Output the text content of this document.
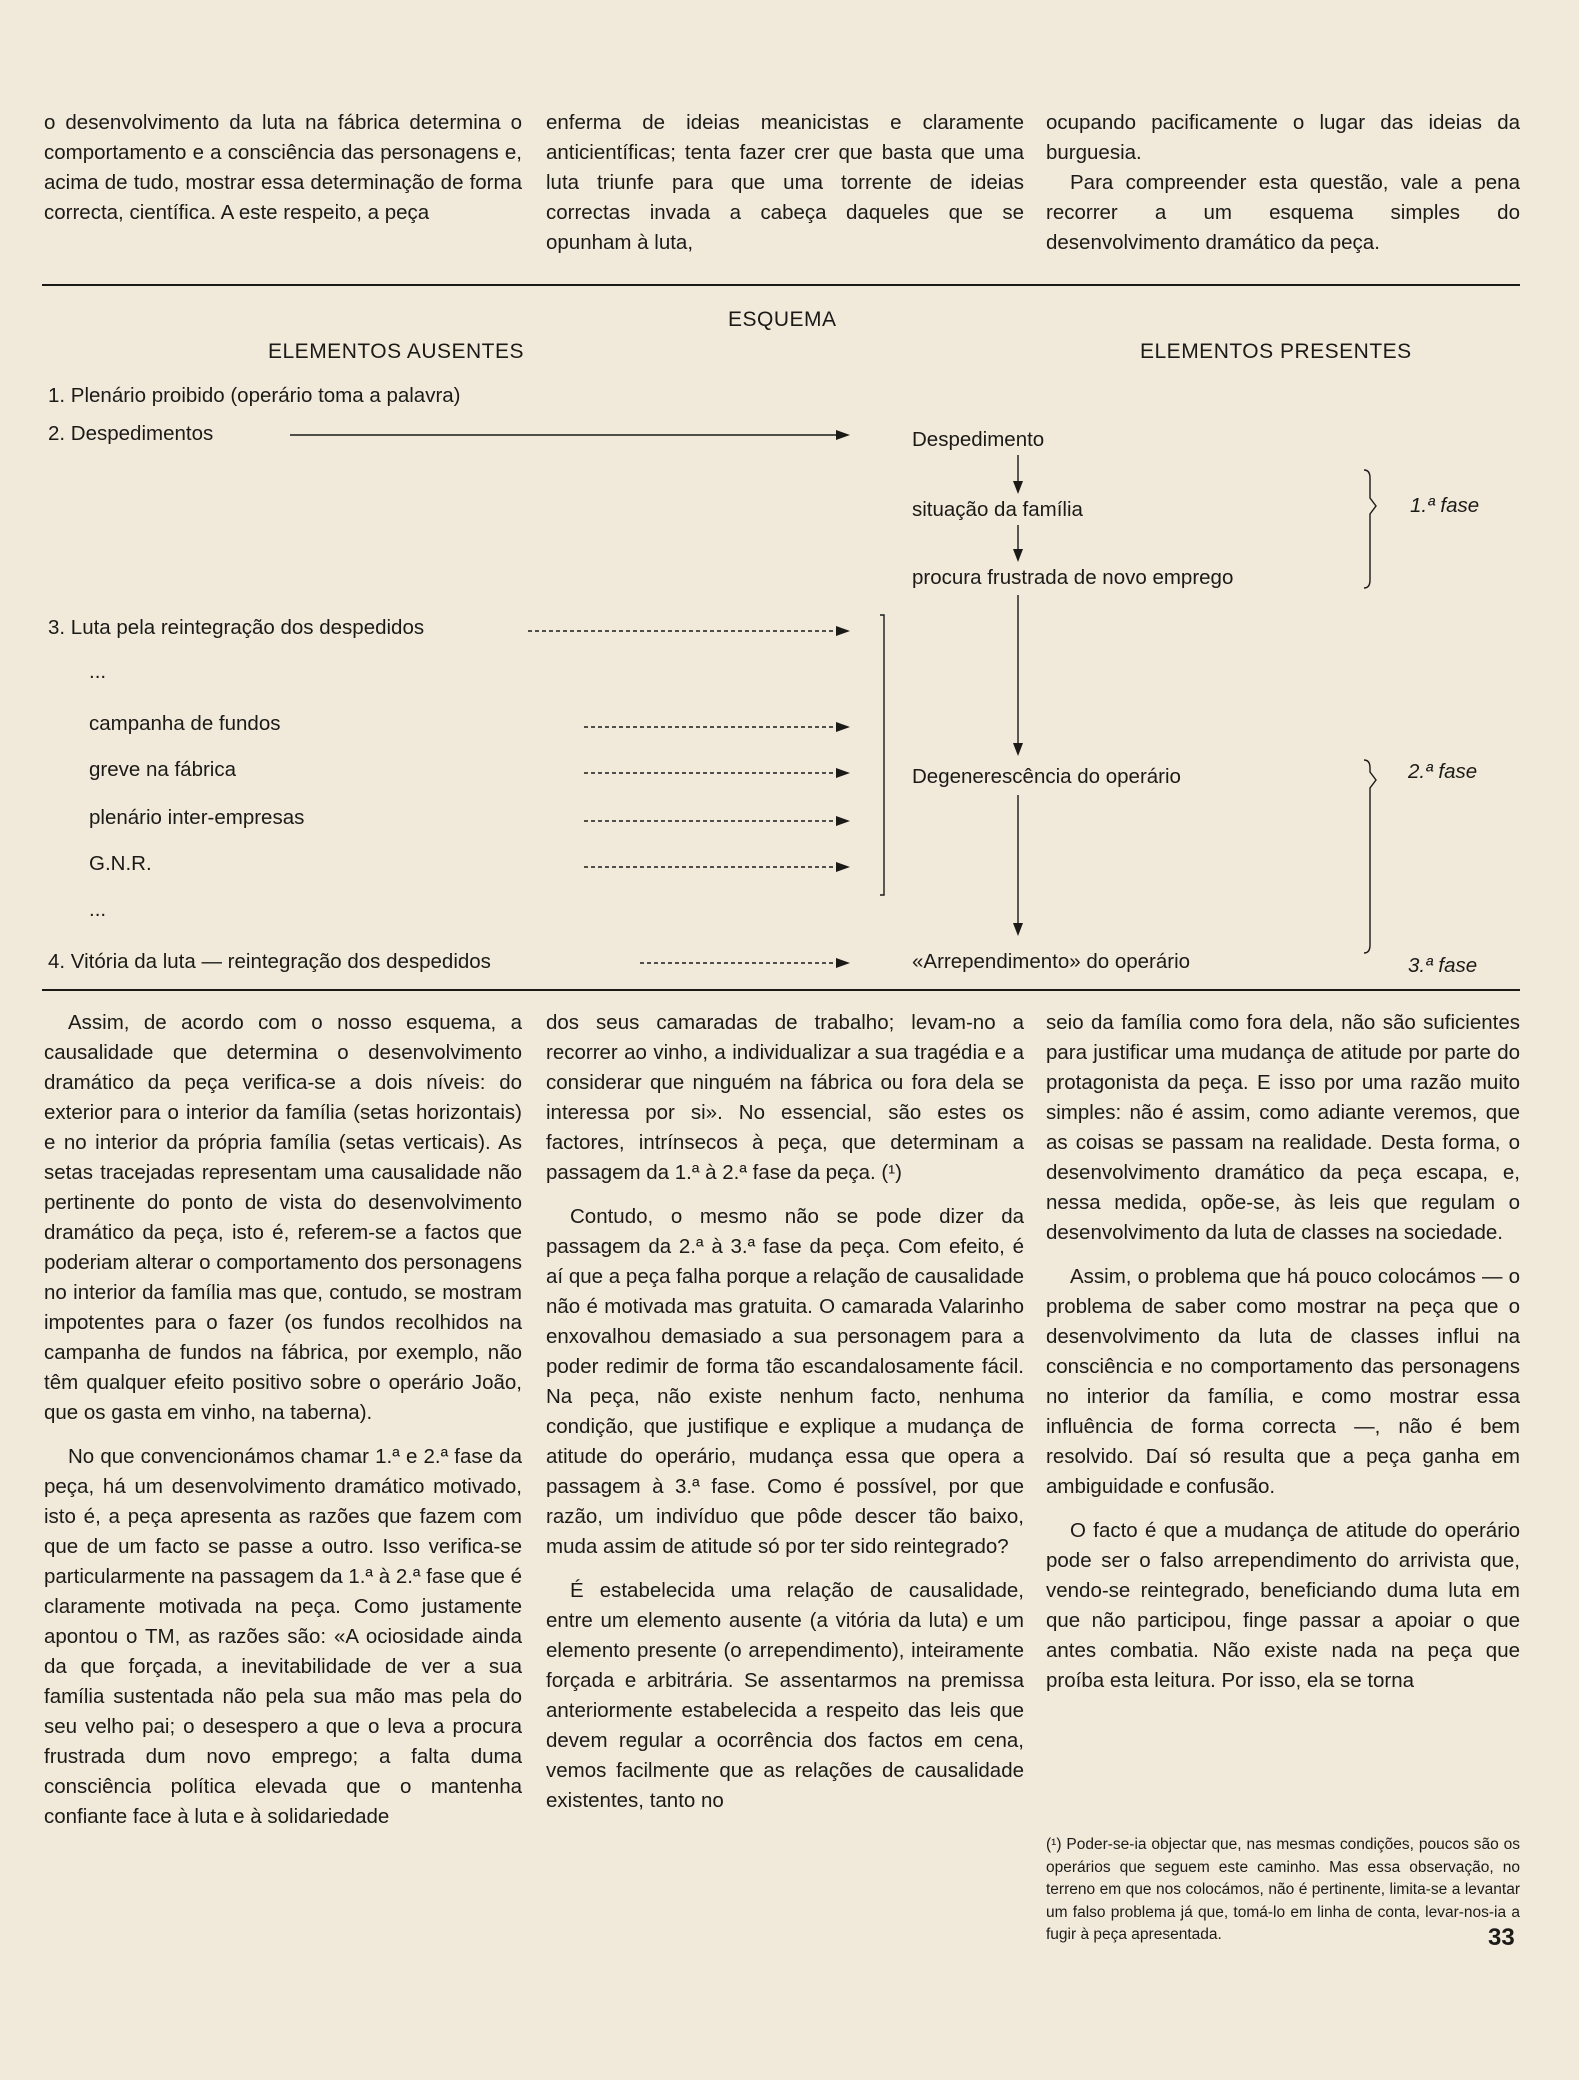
o desenvolvimento da luta na fábrica determina o comportamento e a consciência das personagens e, acima de tudo, mostrar essa determinação de forma correcta, científica. A este respeito, a peça

enferma de ideias meanicistas e claramente anticientíficas; tenta fazer crer que basta que uma luta triunfe para que uma torrente de ideias correctas invada a cabeça daqueles que se opunham à luta,

ocupando pacificamente o lugar das ideias da burguesia.

Para compreender esta questão, vale a pena recorrer a um esquema simples do desenvolvimento dramático da peça.

ESQUEMA
ELEMENTOS AUSENTES	ELEMENTOS PRESENTES
1. Plenário proibido (operário toma a palavra)
2. Despedimentos
3. Luta pela reintegração dos despedidos
...
campanha de fundos
greve na fábrica
plenário inter-empresas
G.N.R.
...
4. Vitória da luta — reintegração dos despedidos
Despedimento
situação da família
procura frustrada de novo emprego
Degenerescência do operário
«Arrependimento» do operário
1.ª fase
2.ª fase
3.ª fase

Assim, de acordo com o nosso esquema, a causalidade que determina o desenvolvimento dramático da peça verifica-se a dois níveis: do exterior para o interior da família (setas horizontais) e no interior da própria família (setas verticais). As setas tracejadas representam uma causalidade não pertinente do ponto de vista do desenvolvimento dramático da peça, isto é, referem-se a factos que poderiam alterar o comportamento dos personagens no interior da família mas que, contudo, se mostram impotentes para o fazer (os fundos recolhidos na campanha de fundos na fábrica, por exemplo, não têm qualquer efeito positivo sobre o operário João, que os gasta em vinho, na taberna).

No que convencionámos chamar 1.ª e 2.ª fase da peça, há um desenvolvimento dramático motivado, isto é, a peça apresenta as razões que fazem com que de um facto se passe a outro. Isso verifica-se particularmente na passagem da 1.ª à 2.ª fase que é claramente motivada na peça. Como justamente apontou o TM, as razões são: «A ociosidade ainda da que forçada, a inevitabilidade de ver a sua família sustentada não pela sua mão mas pela do seu velho pai; o desespero a que o leva a procura frustrada dum novo emprego; a falta duma consciência política elevada que o mantenha confiante face à luta e à solidariedade

dos seus camaradas de trabalho; levam-no a recorrer ao vinho, a individualizar a sua tragédia e a considerar que ninguém na fábrica ou fora dela se interessa por si». No essencial, são estes os factores, intrínsecos à peça, que determinam a passagem da 1.ª à 2.ª fase da peça. (¹)

Contudo, o mesmo não se pode dizer da passagem da 2.ª à 3.ª fase da peça. Com efeito, é aí que a peça falha porque a relação de causalidade não é motivada mas gratuita. O camarada Valarinho enxovalhou demasiado a sua personagem para a poder redimir de forma tão escandalosamente fácil. Na peça, não existe nenhum facto, nenhuma condição, que justifique e explique a mudança de atitude do operário, mudança essa que opera a passagem à 3.ª fase. Como é possível, por que razão, um indivíduo que pôde descer tão baixo, muda assim de atitude só por ter sido reintegrado?

É estabelecida uma relação de causalidade, entre um elemento ausente (a vitória da luta) e um elemento presente (o arrependimento), inteiramente forçada e arbitrária. Se assentarmos na premissa anteriormente estabelecida a respeito das leis que devem regular a ocorrência dos factos em cena, vemos facilmente que as relações de causalidade existentes, tanto no

seio da família como fora dela, não são suficientes para justificar uma mudança de atitude por parte do protagonista da peça. E isso por uma razão muito simples: não é assim, como adiante veremos, que as coisas se passam na realidade. Desta forma, o desenvolvimento dramático da peça escapa, e, nessa medida, opõe-se, às leis que regulam o desenvolvimento da luta de classes na sociedade.

Assim, o problema que há pouco colocámos — o problema de saber como mostrar na peça que o desenvolvimento da luta de classes influi na consciência e no comportamento das personagens no interior da família, e como mostrar essa influência de forma correcta —, não é bem resolvido. Daí só resulta que a peça ganha em ambiguidade e confusão.

O facto é que a mudança de atitude do operário pode ser o falso arrependimento do arrivista que, vendo-se reintegrado, beneficiando duma luta em que não participou, finge passar a apoiar o que antes combatia. Não existe nada na peça que proíba esta leitura. Por isso, ela se torna

(¹) Poder-se-ia objectar que, nas mesmas condições, poucos são os operários que seguem este caminho. Mas essa observação, no terreno em que nos colocámos, não é pertinente, limita-se a levantar um falso problema já que, tomá-lo em linha de conta, levar-nos-ia a fugir à peça apresentada.	33
